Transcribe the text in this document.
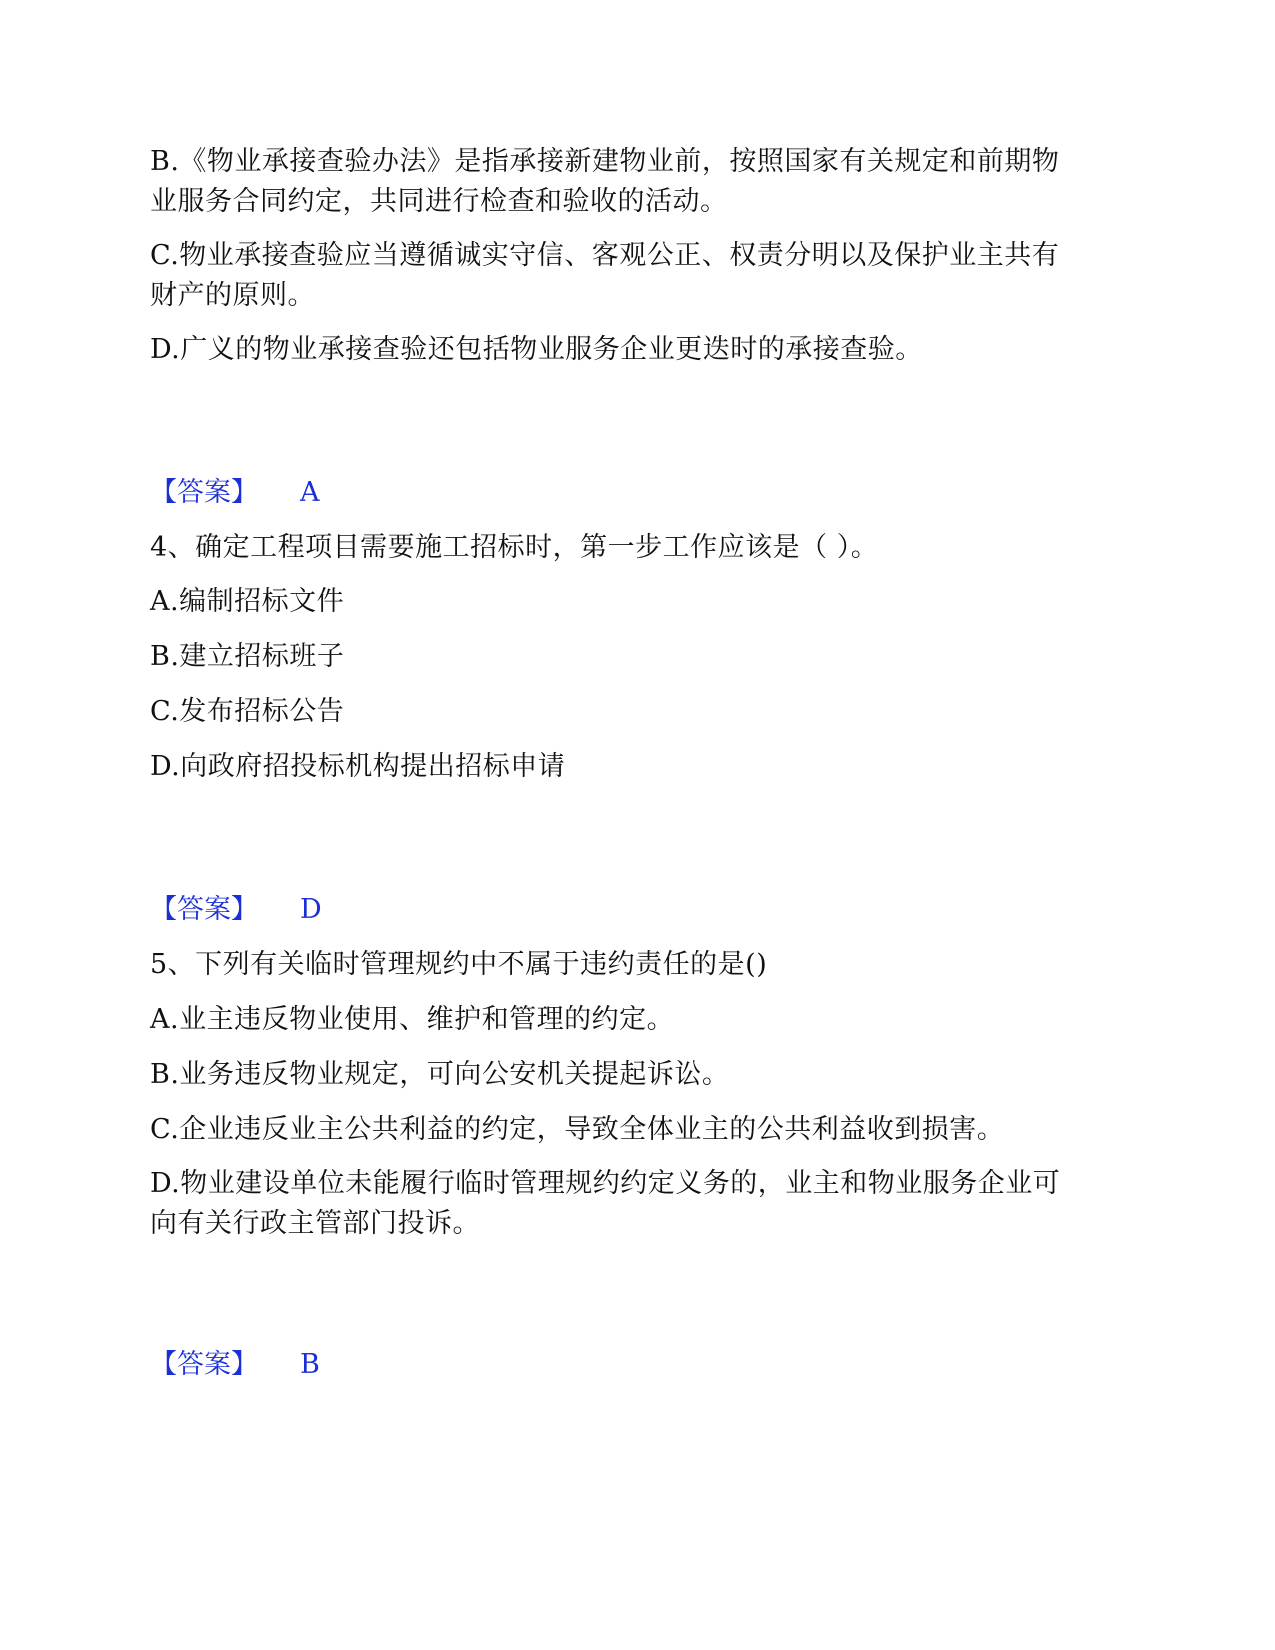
B.《物业承接查验办法》是指承接新建物业前，按照国家有关规定和前期物
业服务合同约定，共同进行检查和验收的活动。
C.物业承接查验应当遵循诚实守信、客观公正、权责分明以及保护业主共有
财产的原则。
D.广义的物业承接查验还包括物业服务企业更迭时的承接查验。
【答案】 A
4、确定工程项目需要施工招标时，第一步工作应该是（ ）。
A.编制招标文件
B.建立招标班子
C.发布招标公告
D.向政府招投标机构提出招标申请
【答案】 D
5、下列有关临时管理规约中不属于违约责任的是()
A.业主违反物业使用、维护和管理的约定。
B.业务违反物业规定，可向公安机关提起诉讼。
C.企业违反业主公共利益的约定，导致全体业主的公共利益收到损害。
D.物业建设单位未能履行临时管理规约约定义务的，业主和物业服务企业可
向有关行政主管部门投诉。
【答案】 B
